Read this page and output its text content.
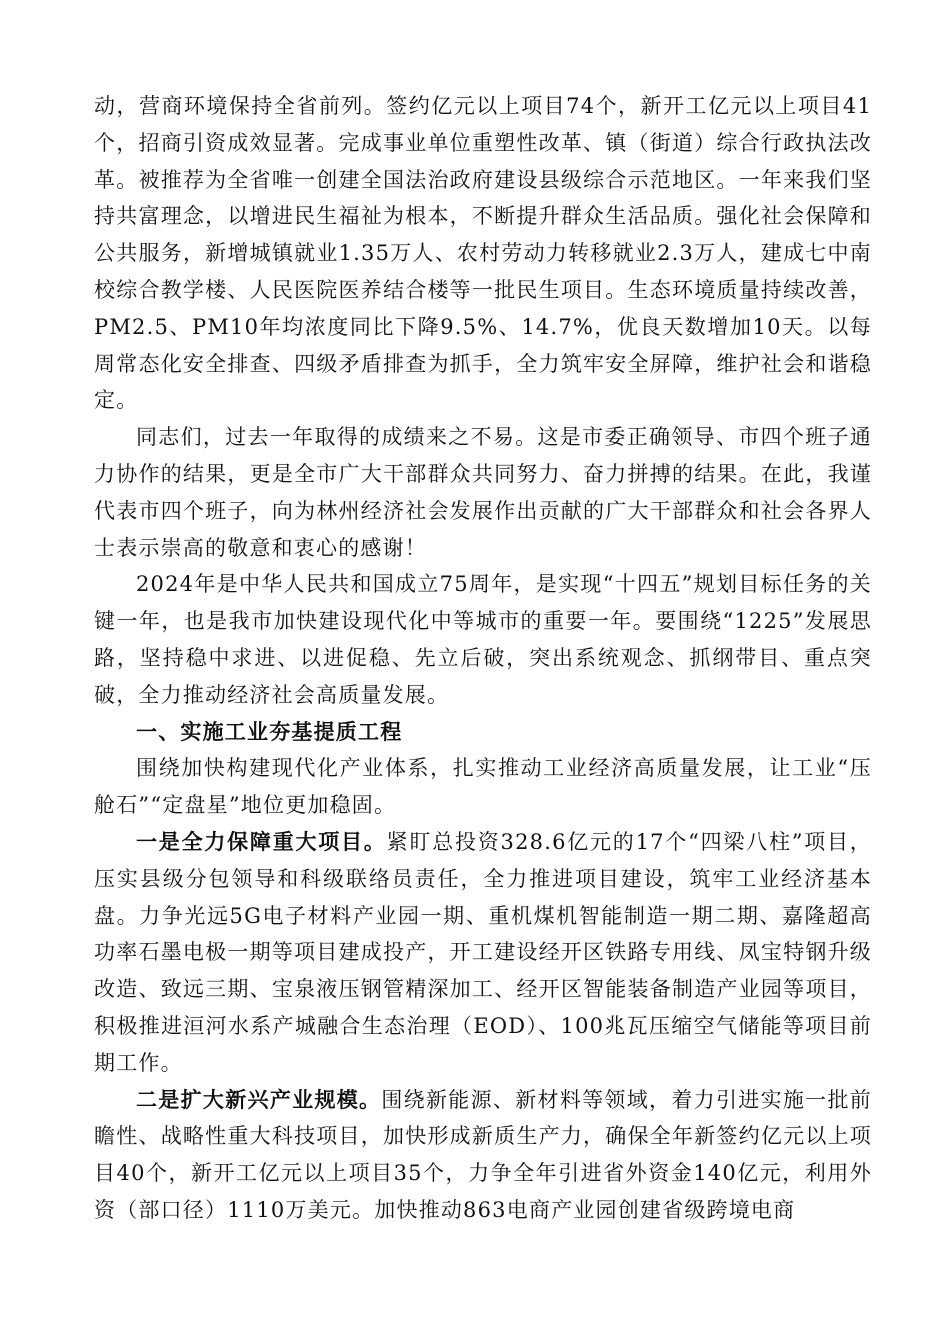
动，营商环境保持全省前列。签约亿元以上项目74个，新开工亿元以上项目41个，招商引资成效显著。完成事业单位重塑性改革、镇（街道）综合行政执法改革。被推荐为全省唯一创建全国法治政府建设县级综合示范地区。一年来我们坚持共富理念，以增进民生福祉为根本，不断提升群众生活品质。强化社会保障和公共服务，新增城镇就业1.35万人、农村劳动力转移就业2.3万人，建成七中南校综合教学楼、人民医院医养结合楼等一批民生项目。生态环境质量持续改善，PM2.5、PM10年均浓度同比下降9.5%、14.7%，优良天数增加10天。以每周常态化安全排查、四级矛盾排查为抓手，全力筑牢安全屏障，维护社会和谐稳定。

同志们，过去一年取得的成绩来之不易。这是市委正确领导、市四个班子通力协作的结果，更是全市广大干部群众共同努力、奋力拼搏的结果。在此，我谨代表市四个班子，向为林州经济社会发展作出贡献的广大干部群众和社会各界人士表示崇高的敬意和衷心的感谢！

2024年是中华人民共和国成立75周年，是实现“十四五”规划目标任务的关键一年，也是我市加快建设现代化中等城市的重要一年。要围绕“1225”发展思路，坚持稳中求进、以进促稳、先立后破，突出系统观念、抓纲带目、重点突破，全力推动经济社会高质量发展。

一、实施工业夯基提质工程

围绕加快构建现代化产业体系，扎实推动工业经济高质量发展，让工业“压舱石”“定盘星”地位更加稳固。

一是全力保障重大项目。紧盯总投资328.6亿元的17个“四梁八柱”项目，压实县级分包领导和科级联络员责任，全力推进项目建设，筑牢工业经济基本盘。力争光远5G电子材料产业园一期、重机煤机智能制造一期二期、嘉隆超高功率石墨电极一期等项目建成投产，开工建设经开区铁路专用线、凤宝特钢升级改造、致远三期、宝泉液压钢管精深加工、经开区智能装备制造产业园等项目，积极推进洹河水系产城融合生态治理（EOD）、100兆瓦压缩空气储能等项目前期工作。

二是扩大新兴产业规模。围绕新能源、新材料等领域，着力引进实施一批前瞻性、战略性重大科技项目，加快形成新质生产力，确保全年新签约亿元以上项目40个，新开工亿元以上项目35个，力争全年引进省外资金140亿元，利用外资（部口径）1110万美元。加快推动863电商产业园创建省级跨境电商
